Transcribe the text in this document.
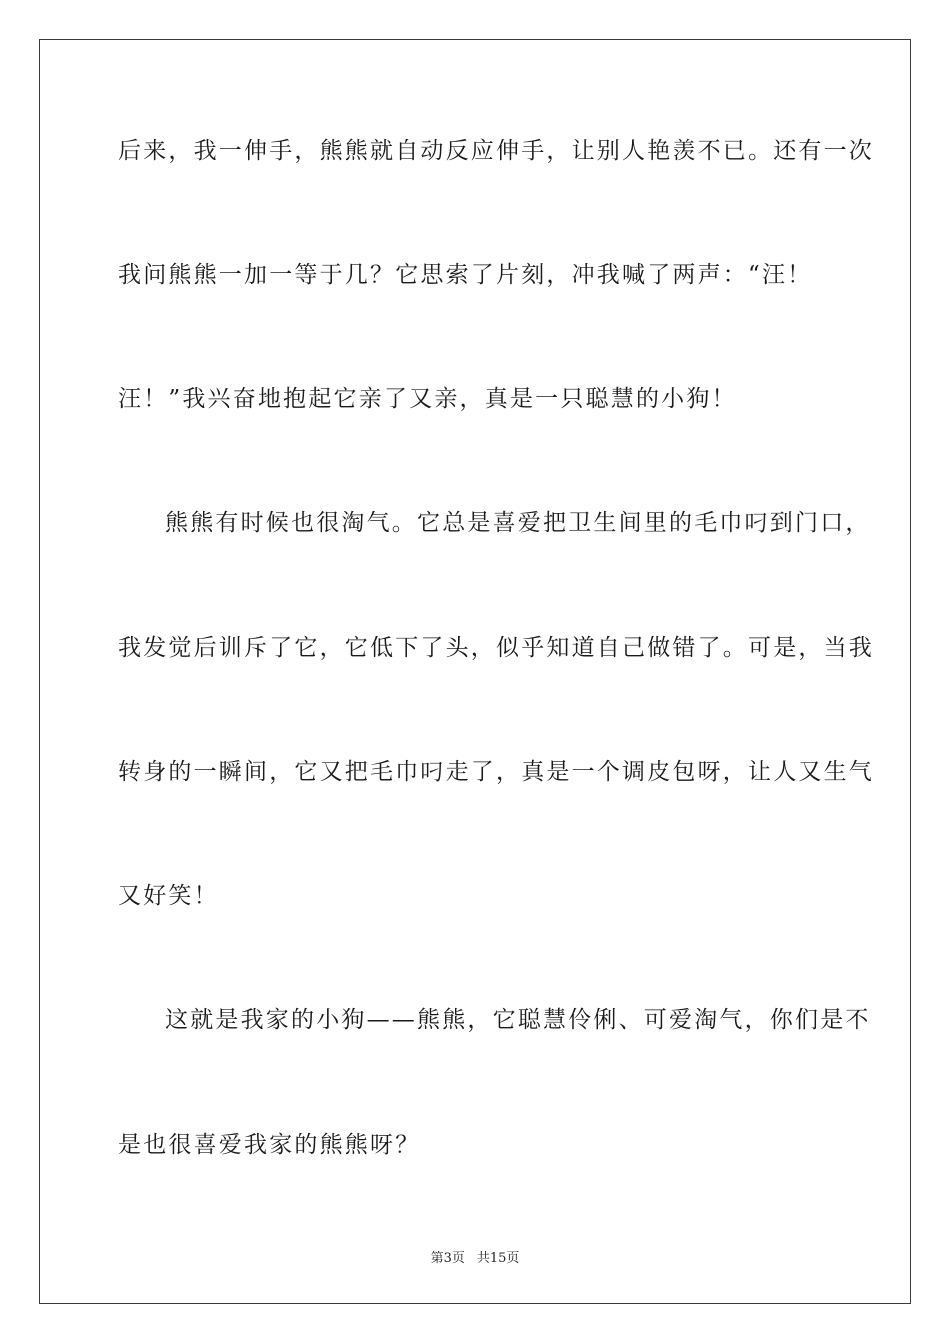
后来，我一伸手，熊熊就自动反应伸手，让别人艳羡不已。还有一次
我问熊熊一加一等于几？它思索了片刻，冲我喊了两声：“汪！
汪！”我兴奋地抱起它亲了又亲，真是一只聪慧的小狗！
熊熊有时候也很淘气。它总是喜爱把卫生间里的毛巾叼到门口，
我发觉后训斥了它，它低下了头，似乎知道自己做错了。可是，当我
转身的一瞬间，它又把毛巾叼走了，真是一个调皮包呀，让人又生气
又好笑！
这就是我家的小狗——熊熊，它聪慧伶俐、可爱淘气，你们是不
是也很喜爱我家的熊熊呀？
第3页 共15页
